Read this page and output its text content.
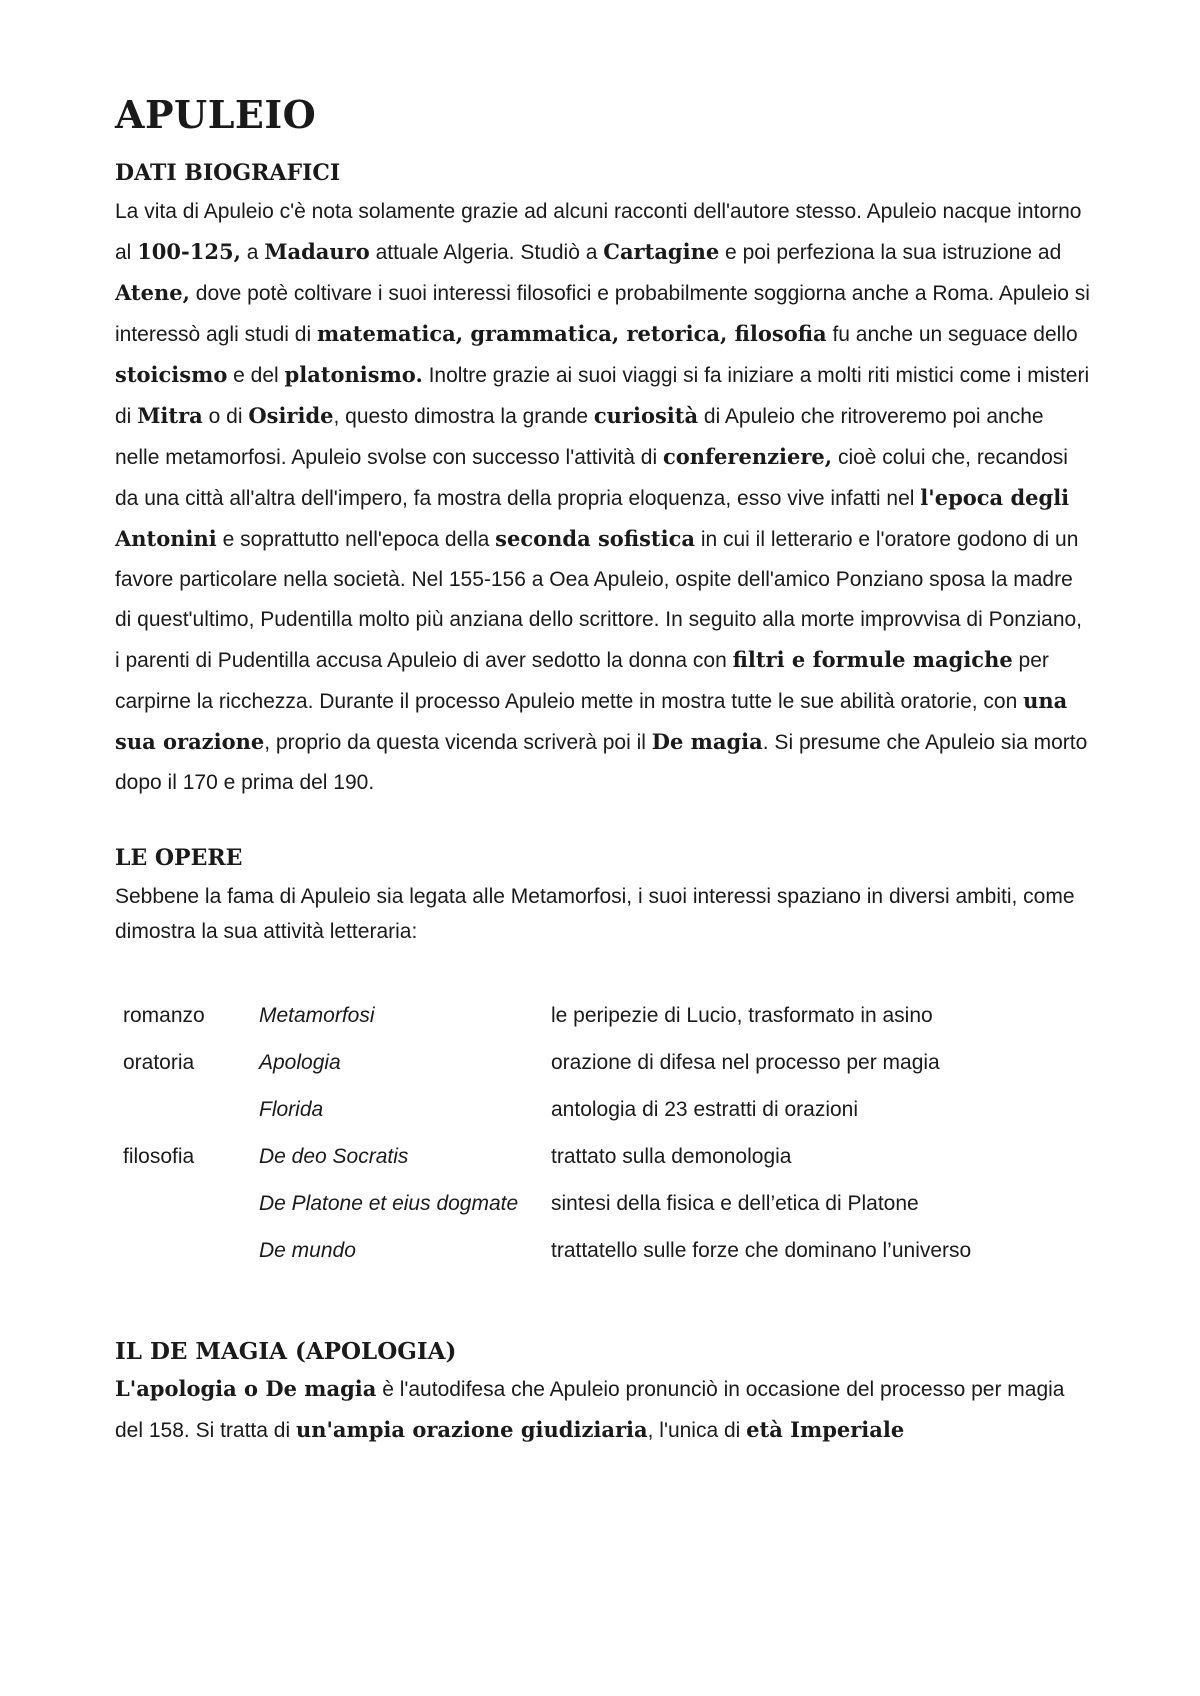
APULEIO
DATI BIOGRAFICI

La vita di Apuleio c'è nota solamente grazie ad alcuni racconti dell'autore stesso. Apuleio nacque intorno al 100-125, a Madauro attuale Algeria. Studiò a Cartagine e poi perfeziona la sua istruzione ad Atene, dove potè coltivare i suoi interessi filosofici e probabilmente soggiorna anche a Roma. Apuleio si interessò agli studi di matematica, grammatica, retorica, filosofia fu anche un seguace dello stoicismo e del platonismo. Inoltre grazie ai suoi viaggi si fa iniziare a molti riti mistici come i misteri di Mitra o di Osiride, questo dimostra la grande curiosità di Apuleio che ritroveremo poi anche nelle metamorfosi. Apuleio svolse con successo l'attività di conferenziere, cioè colui che, recandosi da una città all'altra dell'impero, fa mostra della propria eloquenza, esso vive infatti nel l'epoca degli Antonini e soprattutto nell'epoca della seconda sofistica in cui il letterario e l'oratore godono di un favore particolare nella società. Nel 155-156 a Oea Apuleio, ospite dell'amico Ponziano sposa la madre di quest'ultimo, Pudentilla molto più anziana dello scrittore. In seguito alla morte improvvisa di Ponziano, i parenti di Pudentilla accusa Apuleio di aver sedotto la donna con filtri e formule magiche per carpirne la ricchezza. Durante il processo Apuleio mette in mostra tutte le sue abilità oratorie, con una sua orazione, proprio da questa vicenda scriverà poi il De magia. Si presume che Apuleio sia morto dopo il 170 e prima del 190.

LE OPERE

Sebbene la fama di Apuleio sia legata alle Metamorfosi, i suoi interessi spaziano in diversi ambiti, come dimostra la sua attività letteraria:

romanzo	Metamorfosi	le peripezie di Lucio, trasformato in asino
oratoria	Apologia	orazione di difesa nel processo per magia
	Florida	antologia di 23 estratti di orazioni
filosofia	De deo Socratis	trattato sulla demonologia
	De Platone et eius dogmate	sintesi della fisica e dell’etica di Platone
	De mundo	trattatello sulle forze che dominano l’universo
IL DE MAGIA (APOLOGIA)

L'apologia o De magia è l'autodifesa che Apuleio pronunciò in occasione del processo per magia del 158. Si tratta di un'ampia orazione giudiziaria, l'unica di età Imperiale
